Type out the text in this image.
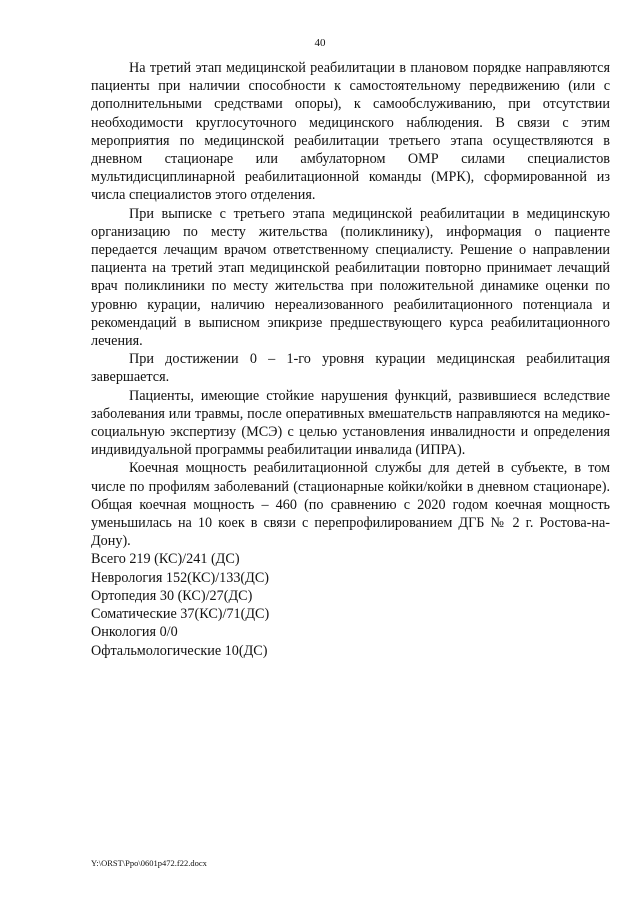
40

На третий этап медицинской реабилитации в плановом порядке направляются пациенты при наличии способности к самостоятельному передвижению (или с дополнительными средствами опоры), к самообслуживанию, при отсутствии необходимости круглосуточного медицинского наблюдения. В связи с этим мероприятия по медицинской реабилитации третьего этапа осуществляются в дневном стационаре или амбулаторном ОМР силами специалистов мультидисциплинарной реабилитационной команды (МРК), сформированной из числа специалистов этого отделения.

При выписке с третьего этапа медицинской реабилитации в медицинскую организацию по месту жительства (поликлинику), информация о пациенте передается лечащим врачом ответственному специалисту. Решение о направлении пациента на третий этап медицинской реабилитации повторно принимает лечащий врач поликлиники по месту жительства при положительной динамике оценки по уровню курации, наличию нереализованного реабилитационного потенциала и рекомендаций в выписном эпикризе предшествующего курса реабилитационного лечения.

При достижении 0 – 1-го уровня курации медицинская реабилитация завершается.

Пациенты, имеющие стойкие нарушения функций, развившиеся вследствие заболевания или травмы, после оперативных вмешательств направляются на медико-социальную экспертизу (МСЭ) с целью установления инвалидности и определения индивидуальной программы реабилитации инвалида (ИПРА).

Коечная мощность реабилитационной службы для детей в субъекте, в том числе по профилям заболеваний (стационарные койки/койки в дневном стационаре). Общая коечная мощность – 460 (по сравнению с 2020 годом коечная мощность уменьшилась на 10 коек в связи с перепрофилированием ДГБ № 2 г. Ростова-на-Дону).

Всего 219 (КС)/241 (ДС)
Неврология 152(КС)/133(ДС)
Ортопедия 30 (КС)/27(ДС)
Соматические 37(КС)/71(ДС)
Онкология 0/0
Офтальмологические 10(ДС)
Y:\ORST\Ppo\0601p472.f22.docx
